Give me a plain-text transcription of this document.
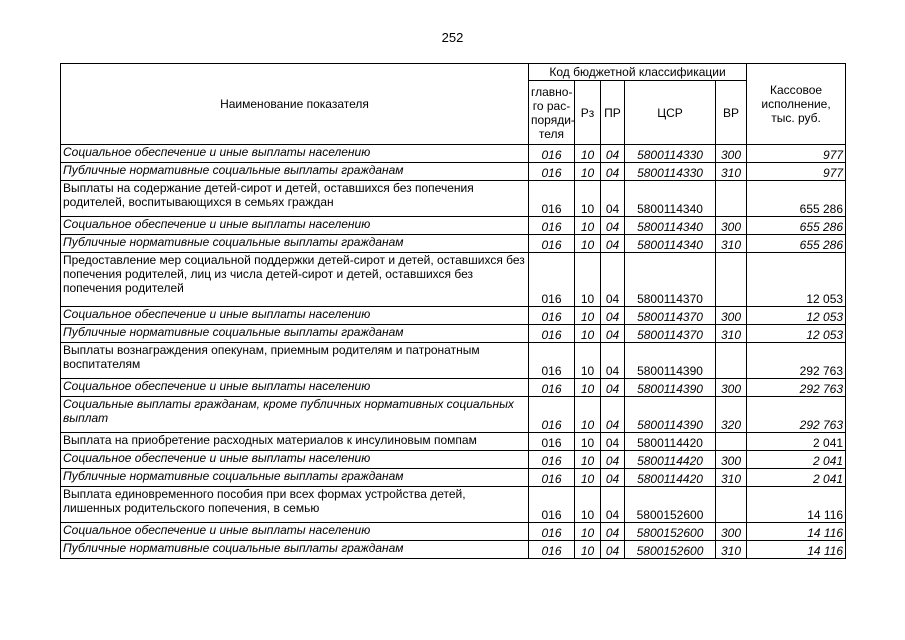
252
Наименование показателя	Код бюджетной классификации					Кассовое исполнение, тыс. руб.
	главно-го рас-поряди-теля	Рз	ПР	ЦСР	ВР	
Социальное обеспечение и иные выплаты населению	016	10	04	5800114330	300	977
Публичные нормативные социальные выплаты гражданам	016	10	04	5800114330	310	977
Выплаты на содержание детей-сирот и детей, оставшихся без попечения родителей, воспитывающихся в семьях граждан	016	10	04	5800114340		655 286
Социальное обеспечение и иные выплаты населению	016	10	04	5800114340	300	655 286
Публичные нормативные социальные выплаты гражданам	016	10	04	5800114340	310	655 286
Предоставление мер социальной поддержки детей-сирот и детей, оставшихся без попечения родителей, лиц из числа детей-сирот и детей, оставшихся без попечения родителей	016	10	04	5800114370		12 053
Социальное обеспечение и иные выплаты населению	016	10	04	5800114370	300	12 053
Публичные нормативные социальные выплаты гражданам	016	10	04	5800114370	310	12 053
Выплаты вознаграждения опекунам, приемным родителям и патронатным воспитателям	016	10	04	5800114390		292 763
Социальное обеспечение и иные выплаты населению	016	10	04	5800114390	300	292 763
Социальные выплаты гражданам, кроме публичных нормативных социальных выплат	016	10	04	5800114390	320	292 763
Выплата на приобретение расходных материалов к инсулиновым помпам	016	10	04	5800114420		2 041
Социальное обеспечение и иные выплаты населению	016	10	04	5800114420	300	2 041
Публичные нормативные социальные выплаты гражданам	016	10	04	5800114420	310	2 041
Выплата единовременного пособия при всех формах устройства детей, лишенных родительского попечения, в семью	016	10	04	5800152600		14 116
Социальное обеспечение и иные выплаты населению	016	10	04	5800152600	300	14 116
Публичные нормативные социальные выплаты гражданам	016	10	04	5800152600	310	14 116
